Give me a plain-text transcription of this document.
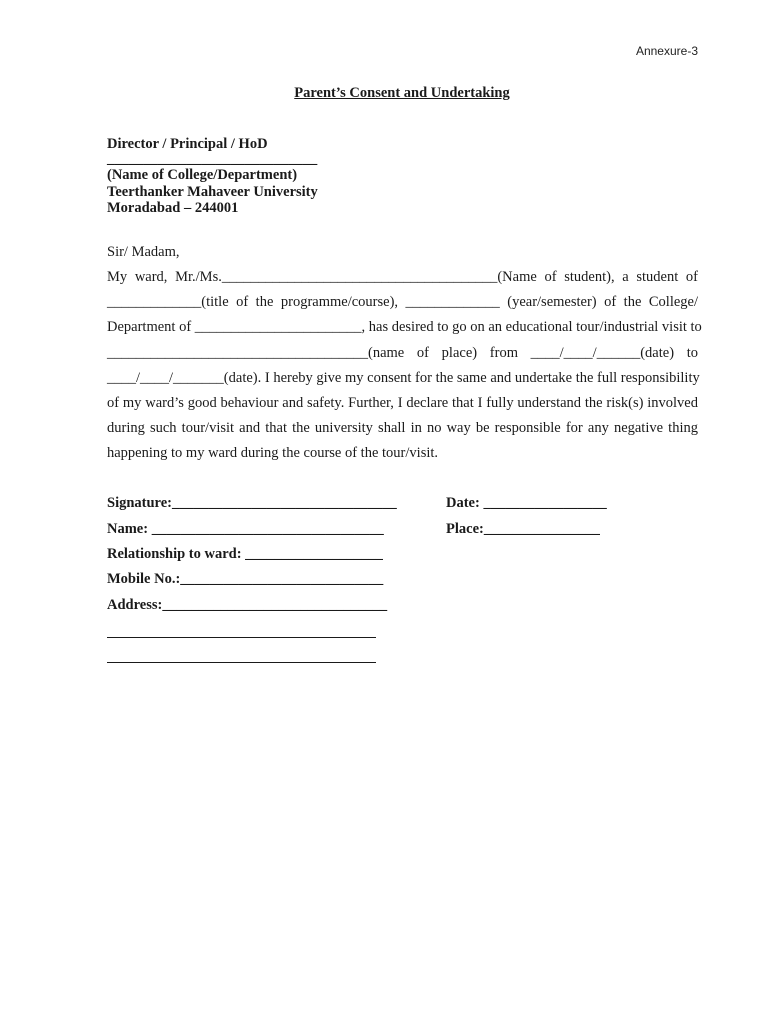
Annexure-3
Parent’s Consent and Undertaking
Director / Principal / HoD
_____________________________
(Name of College/Department)
Teerthanker Mahaveer University
Moradabad – 244001
Sir/ Madam,
My ward, Mr./Ms.______________________________________(Name of student), a student of
_____________(title of the programme/course), _____________ (year/semester) of the College/
Department of _______________________, has desired to go on an educational tour/industrial visit to
____________________________________(name of place) from ____/____/______(date) to
____/____/_______(date). I hereby give my consent for the same and undertake the full responsibility
of my ward’s good behaviour and safety. Further, I declare that I fully understand the risk(s) involved
during such tour/visit and that the university shall in no way be responsible for any negative thing
happening to my ward during the course of the tour/visit.
Signature:_______________________________	Date: _________________
Name: ________________________________	Place:________________
Relationship to ward: ___________________
Mobile No.:____________________________
Address:_______________________________
